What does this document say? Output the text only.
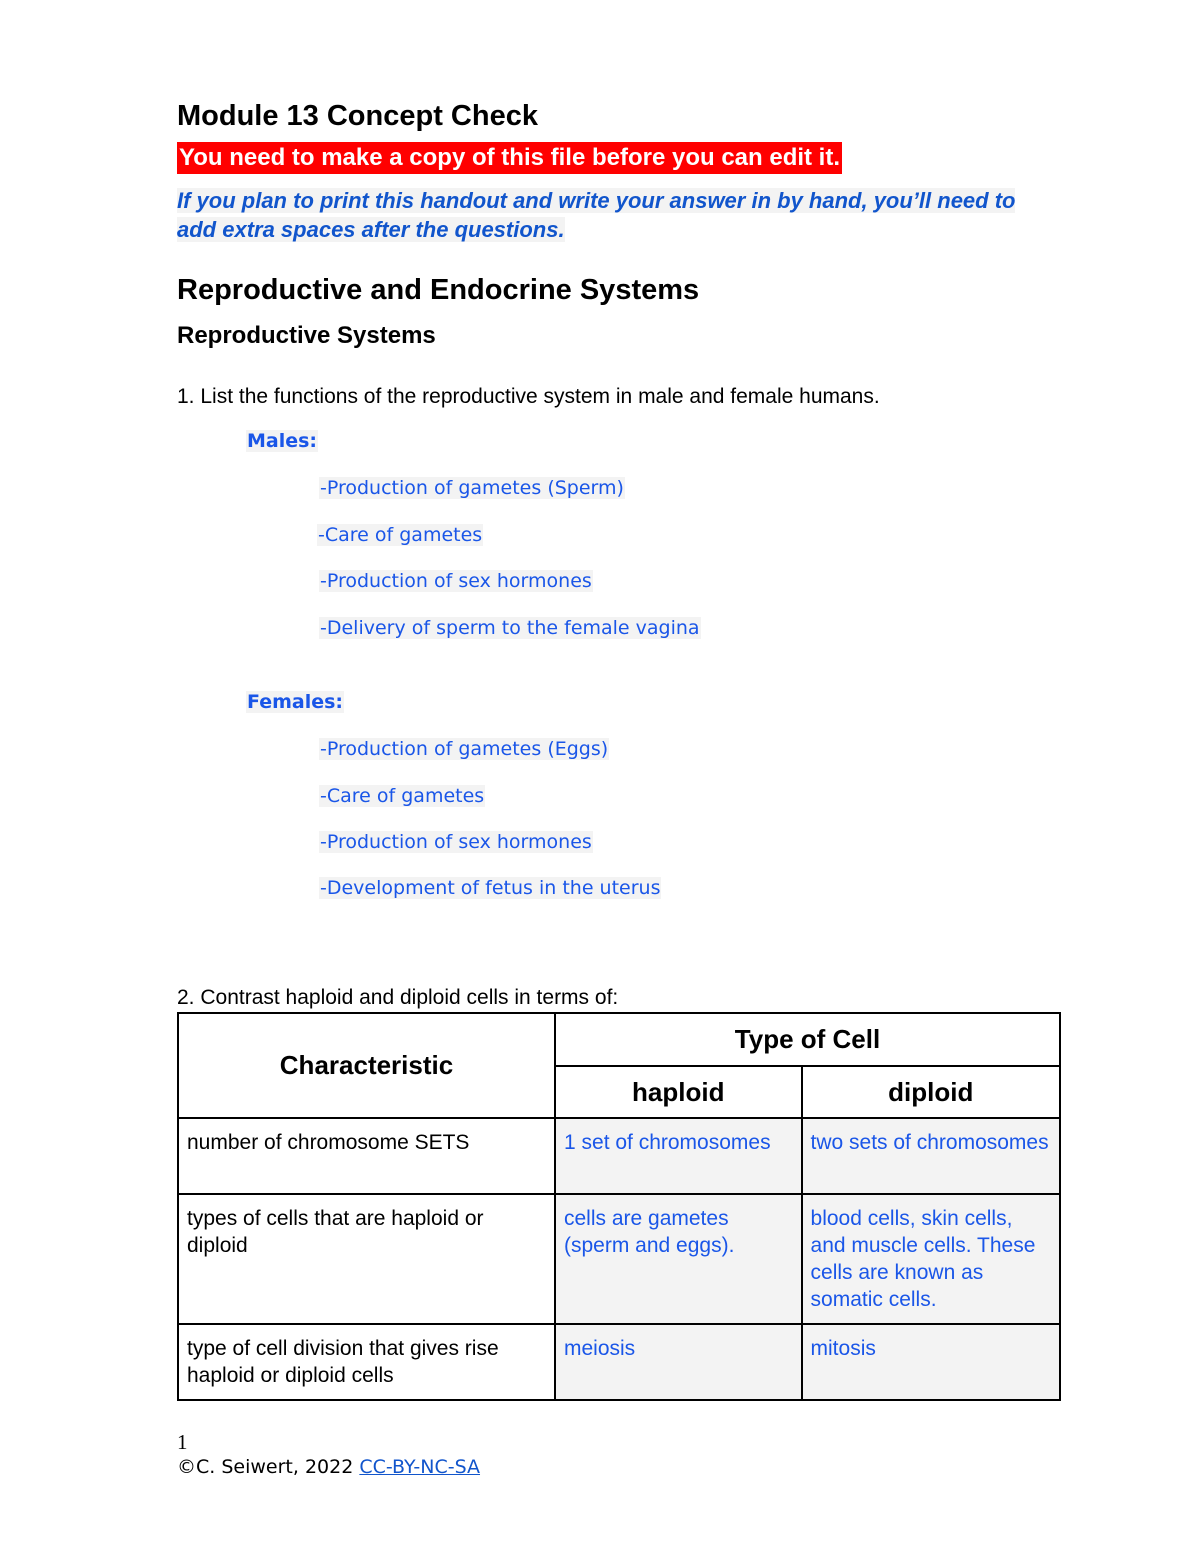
Module 13 Concept Check
You need to make a copy of this file before you can edit it.
If you plan to print this handout and write your answer in by hand, you’ll need to add extra spaces after the questions.
Reproductive and Endocrine Systems
Reproductive Systems
1. List the functions of the reproductive system in male and female humans.
Males:
-Production of gametes (Sperm)
-Care of gametes
-Production of sex hormones
-Delivery of sperm to the female vagina
Females:
-Production of gametes (Eggs)
-Care of gametes
-Production of sex hormones
-Development of fetus in the uterus
2. Contrast haploid and diploid cells in terms of:
Characteristic	Type of Cell	
	haploid	diploid
number of chromosome SETS	1 set of chromosomes	two sets of chromosomes
types of cells that are haploid or diploid	cells are gametes (sperm and eggs).	blood cells, skin cells, and muscle cells. These cells are known as somatic cells.
type of cell division that gives rise haploid or diploid cells	meiosis	mitosis
1
©C. Seiwert, 2022 CC-BY-NC-SA
